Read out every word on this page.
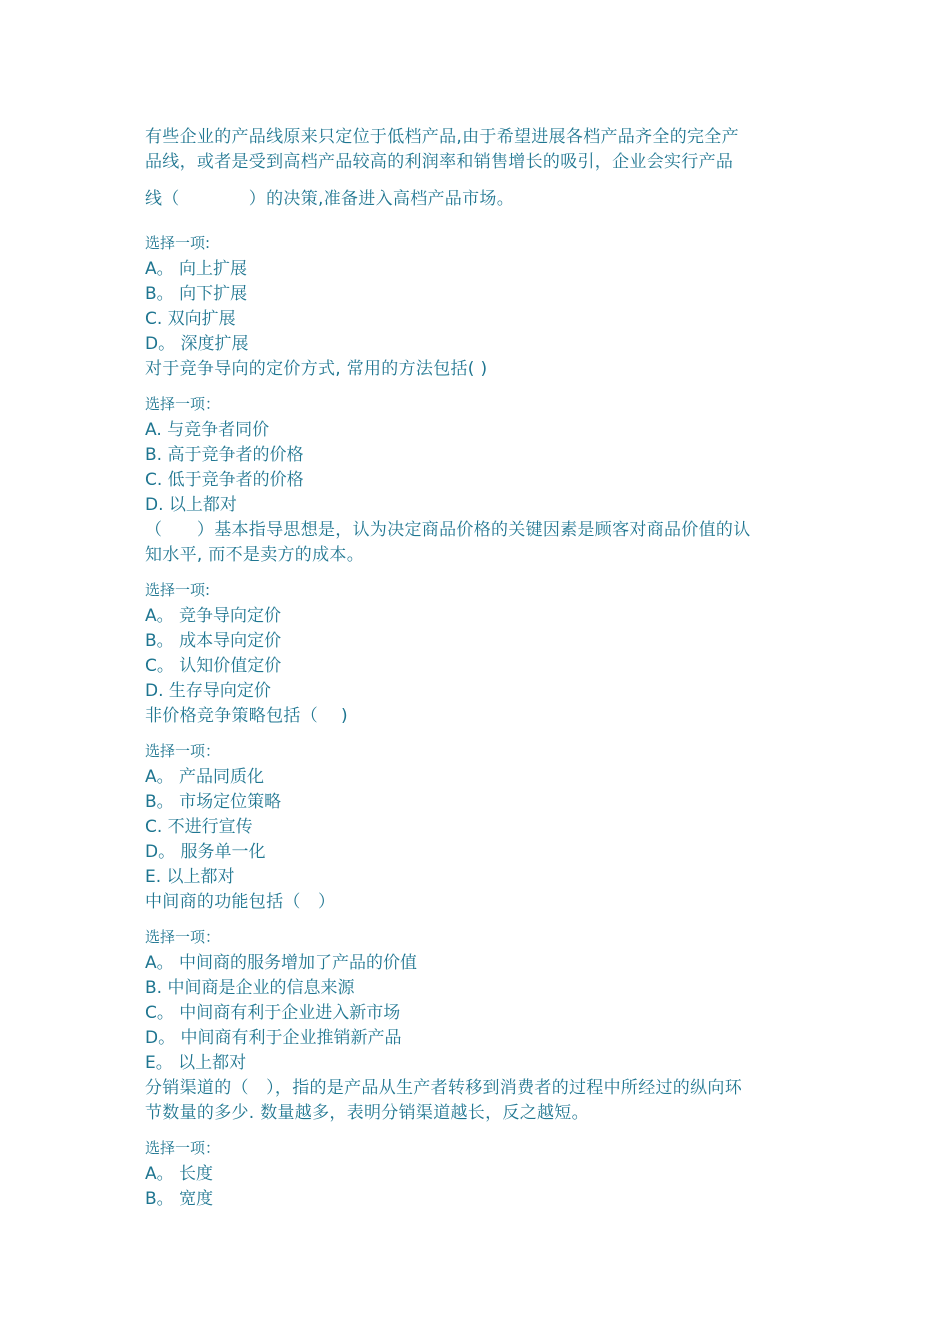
有些企业的产品线原来只定位于低档产品,由于希望进展各档产品齐全的完全产
品线，或者是受到高档产品较高的利润率和销售增长的吸引，企业会实行产品
线（　　　　）的决策,准备进入高档产品市场。

选择一项:
A。 向上扩展
B。 向下扩展
C. 双向扩展
D。 深度扩展

对于竞争导向的定价方式, 常用的方法包括( )

选择一项：
A. 与竞争者同价
B. 高于竞争者的价格
C. 低于竞争者的价格
D. 以上都对

（　　）基本指导思想是，认为决定商品价格的关键因素是顾客对商品价值的认
知水平, 而不是卖方的成本。

选择一项:
A。 竞争导向定价
B。 成本导向定价
C。 认知价值定价
D. 生存导向定价

非价格竞争策略包括（　 )

选择一项：
A。 产品同质化
B。 市场定位策略
C. 不进行宣传
D。 服务单一化
E. 以上都对

中间商的功能包括（　）

选择一项：
A。 中间商的服务增加了产品的价值
B. 中间商是企业的信息来源
C。 中间商有利于企业进入新市场
D。 中间商有利于企业推销新产品
E。 以上都对

分销渠道的（　），指的是产品从生产者转移到消费者的过程中所经过的纵向环
节数量的多少. 数量越多，表明分销渠道越长，反之越短。

选择一项：
A。 长度
B。 宽度
